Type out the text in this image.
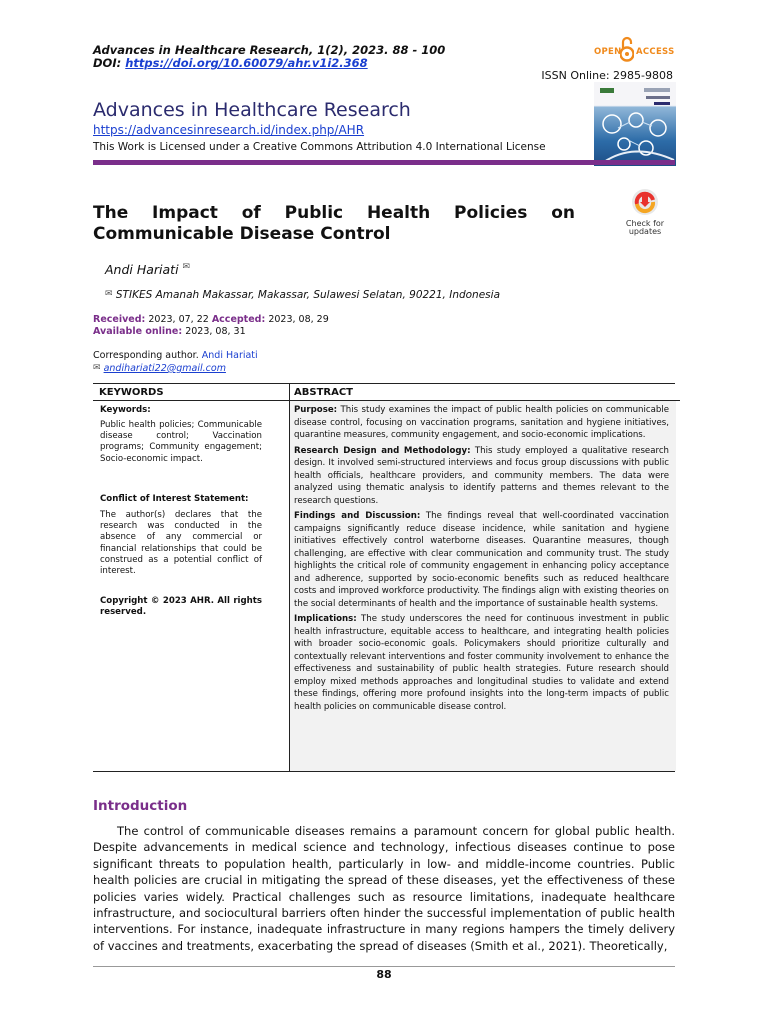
Advances in Healthcare Research, 1(2), 2023. 88 - 100
DOI: https://doi.org/10.60079/ahr.v1i2.368
OPEN ACCESS
ISSN Online: 2985-9808
Advances in Healthcare Research
https://advancesinresearch.id/index.php/AHR
This Work is Licensed under a Creative Commons Attribution 4.0 International License
The Impact of Public Health Policies on Communicable Disease Control
Check for
updates
Andi Hariati ✉
✉ STIKES Amanah Makassar, Makassar, Sulawesi Selatan, 90221, Indonesia
Received: 2023, 07, 22 Accepted: 2023, 08, 29
Available online: 2023, 08, 31
Corresponding author. Andi Hariati
✉ andihariati22@gmail.com
KEYWORDS	ABSTRACT
Keywords:
Public health policies; Communicable disease control; Vaccination programs; Community engagement; Socio-economic impact.
Conflict of Interest Statement:
The author(s) declares that the research was conducted in the absence of any commercial or financial relationships that could be construed as a potential conflict of interest.
Copyright © 2023 AHR. All rights reserved.

Purpose: This study examines the impact of public health policies on communicable disease control, focusing on vaccination programs, sanitation and hygiene initiatives, quarantine measures, community engagement, and socio-economic implications.

Research Design and Methodology: This study employed a qualitative research design. It involved semi-structured interviews and focus group discussions with public health officials, healthcare providers, and community members. The data were analyzed using thematic analysis to identify patterns and themes relevant to the research questions.

Findings and Discussion: The findings reveal that well-coordinated vaccination campaigns significantly reduce disease incidence, while sanitation and hygiene initiatives effectively control waterborne diseases. Quarantine measures, though challenging, are effective with clear communication and community trust. The study highlights the critical role of community engagement in enhancing policy acceptance and adherence, supported by socio-economic benefits such as reduced healthcare costs and improved workforce productivity. The findings align with existing theories on the social determinants of health and the importance of sustainable health systems.

Implications: The study underscores the need for continuous investment in public health infrastructure, equitable access to healthcare, and integrating health policies with broader socio-economic goals. Policymakers should prioritize culturally and contextually relevant interventions and foster community involvement to enhance the effectiveness and sustainability of public health strategies. Future research should employ mixed methods approaches and longitudinal studies to validate and extend these findings, offering more profound insights into the long-term impacts of public health policies on communicable disease control.

Introduction
The control of communicable diseases remains a paramount concern for global public health. Despite advancements in medical science and technology, infectious diseases continue to pose significant threats to population health, particularly in low- and middle-income countries. Public health policies are crucial in mitigating the spread of these diseases, yet the effectiveness of these policies varies widely. Practical challenges such as resource limitations, inadequate healthcare infrastructure, and sociocultural barriers often hinder the successful implementation of public health interventions. For instance, inadequate infrastructure in many regions hampers the timely delivery of vaccines and treatments, exacerbating the spread of diseases (Smith et al., 2021). Theoretically,
88
